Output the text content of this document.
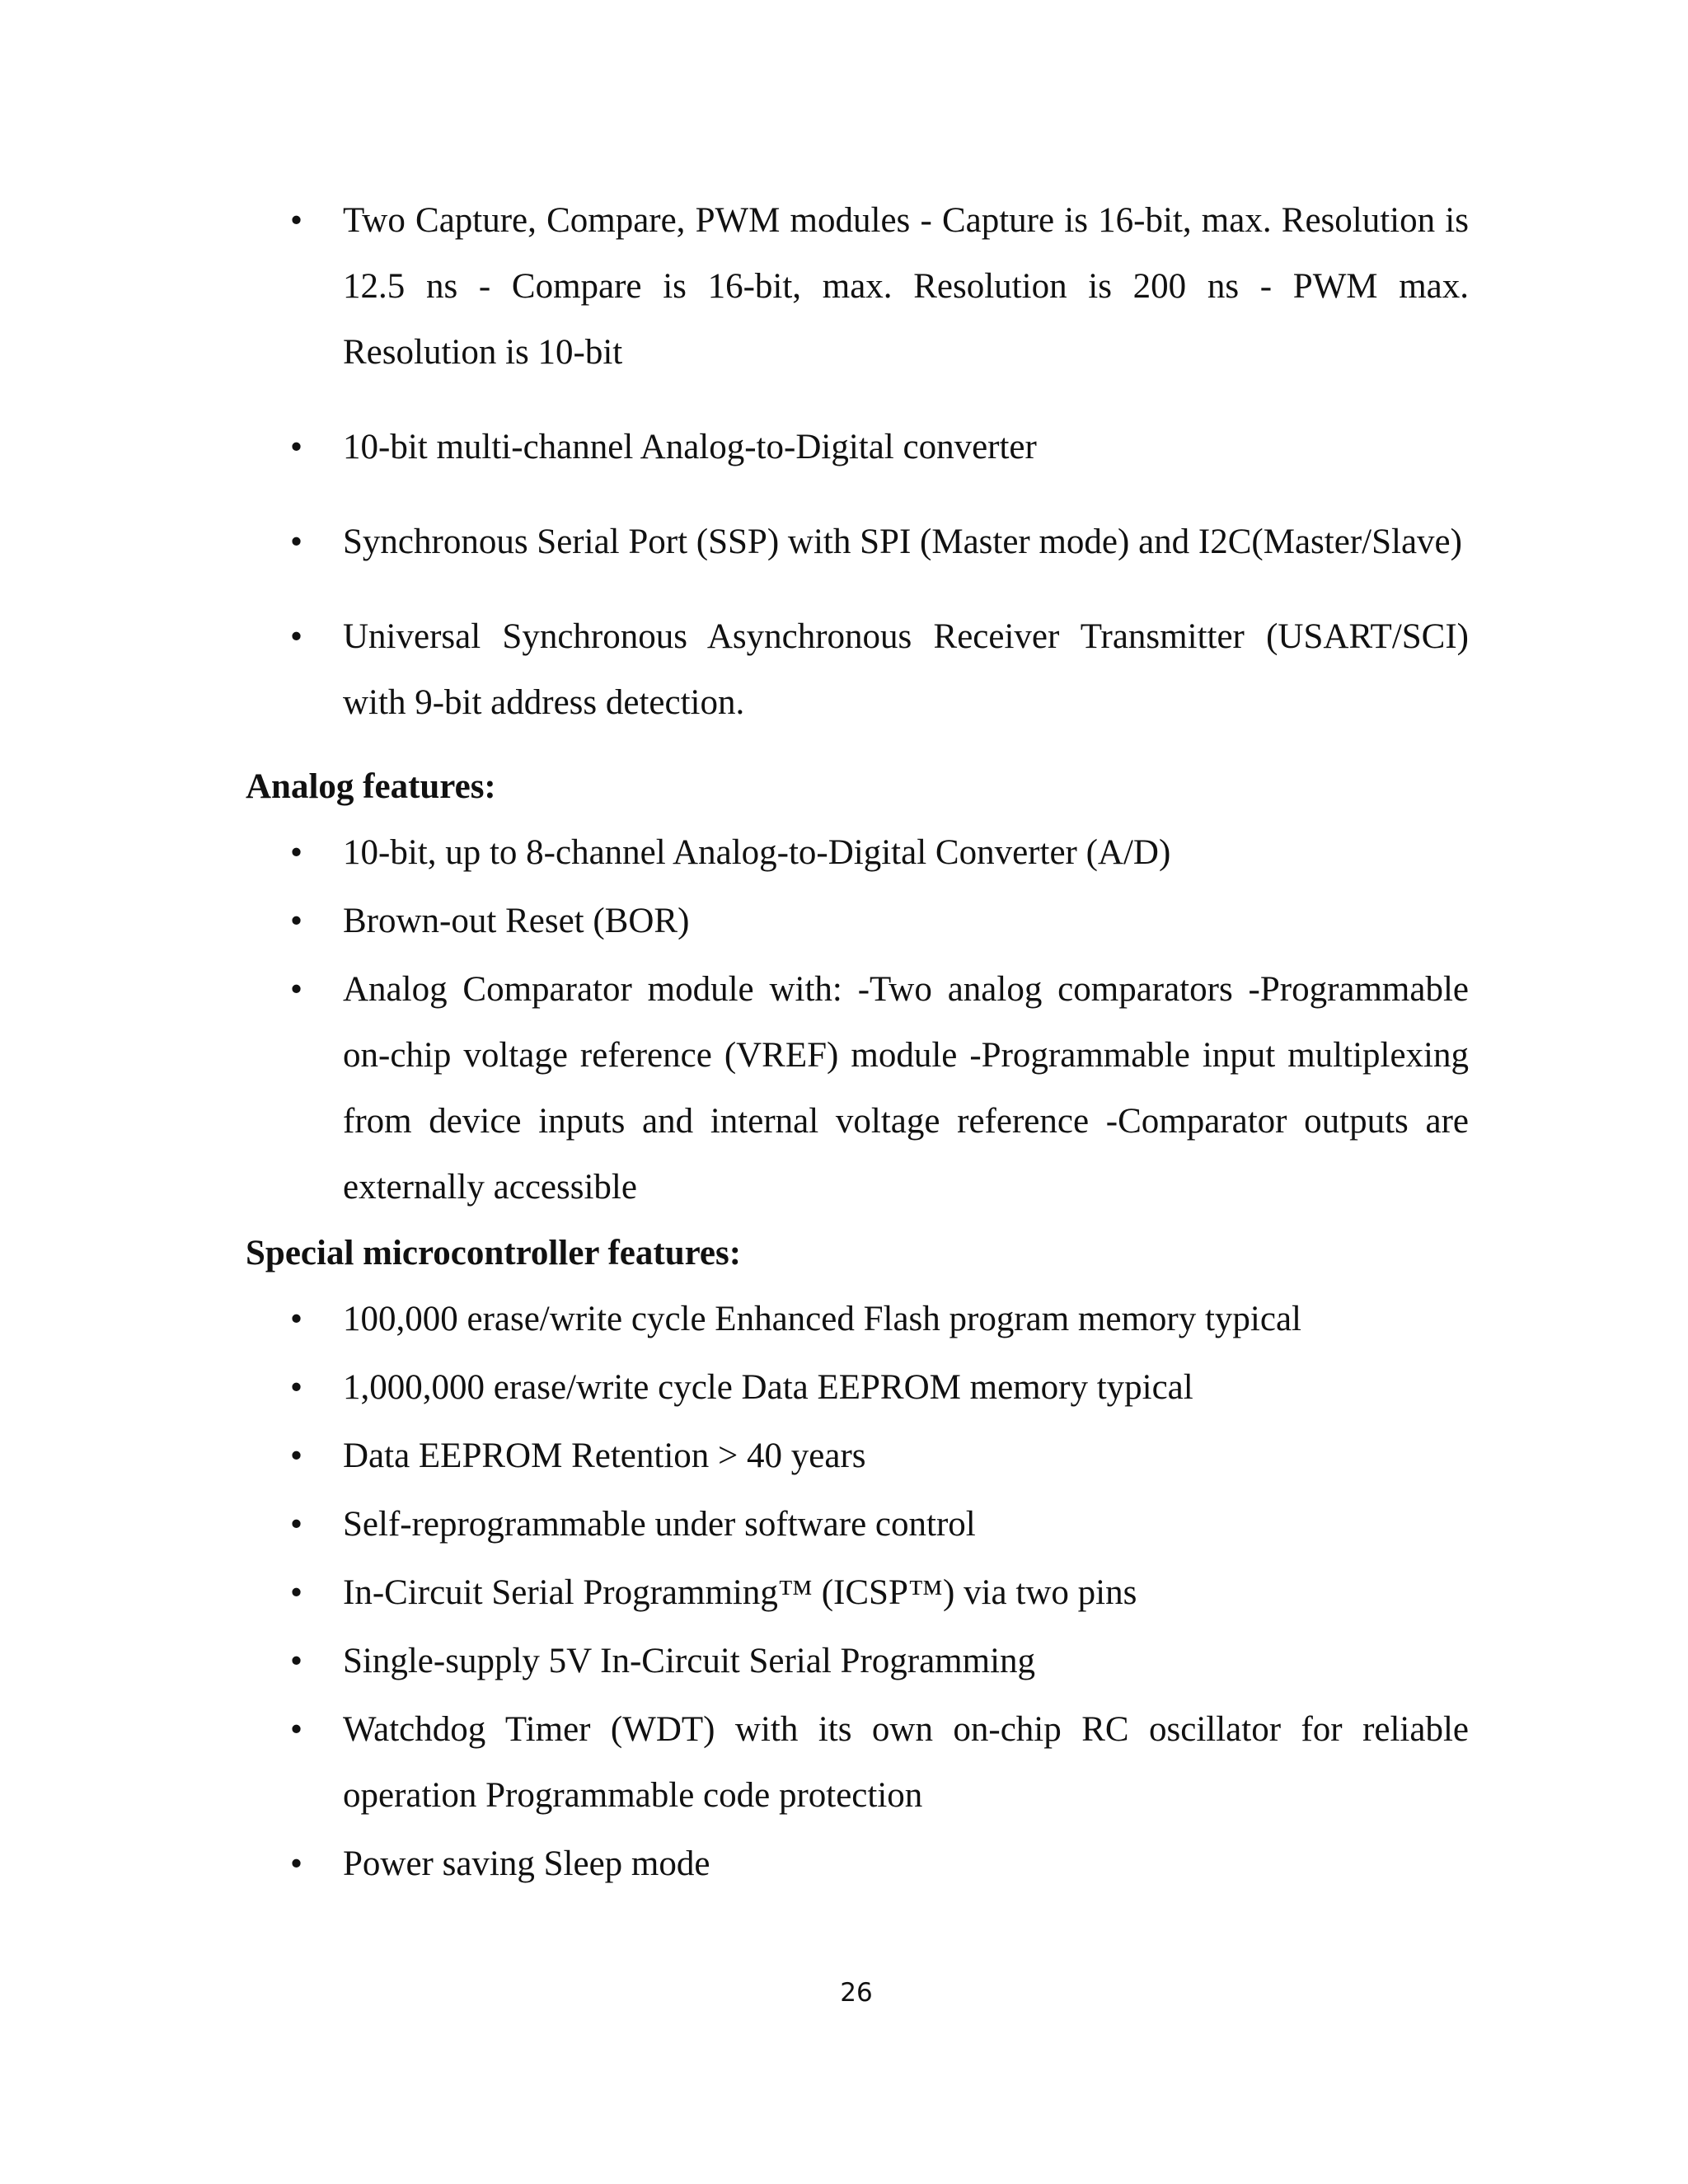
• Two Capture, Compare, PWM modules - Capture is 16-bit, max. Resolution is 12.5 ns - Compare is 16-bit, max. Resolution is 200 ns - PWM max. Resolution is 10-bit
• 10-bit multi-channel Analog-to-Digital converter
• Synchronous Serial Port (SSP) with SPI (Master mode) and I2C(Master/Slave)
• Universal Synchronous Asynchronous Receiver Transmitter (USART/SCI) with 9-bit address detection.
Analog features:
• 10-bit, up to 8-channel Analog-to-Digital Converter (A/D)
• Brown-out Reset (BOR)
• Analog Comparator module with: -Two analog comparators -Programmable on-chip voltage reference (VREF) module -Programmable input multiplexing from device inputs and internal voltage reference -Comparator outputs are externally accessible
Special microcontroller features:
• 100,000 erase/write cycle Enhanced Flash program memory typical
• 1,000,000 erase/write cycle Data EEPROM memory typical
• Data EEPROM Retention > 40 years
• Self-reprogrammable under software control
• In-Circuit Serial Programming™ (ICSP™) via two pins
• Single-supply 5V In-Circuit Serial Programming
• Watchdog Timer (WDT) with its own on-chip RC oscillator for reliable operation Programmable code protection
• Power saving Sleep mode
26
